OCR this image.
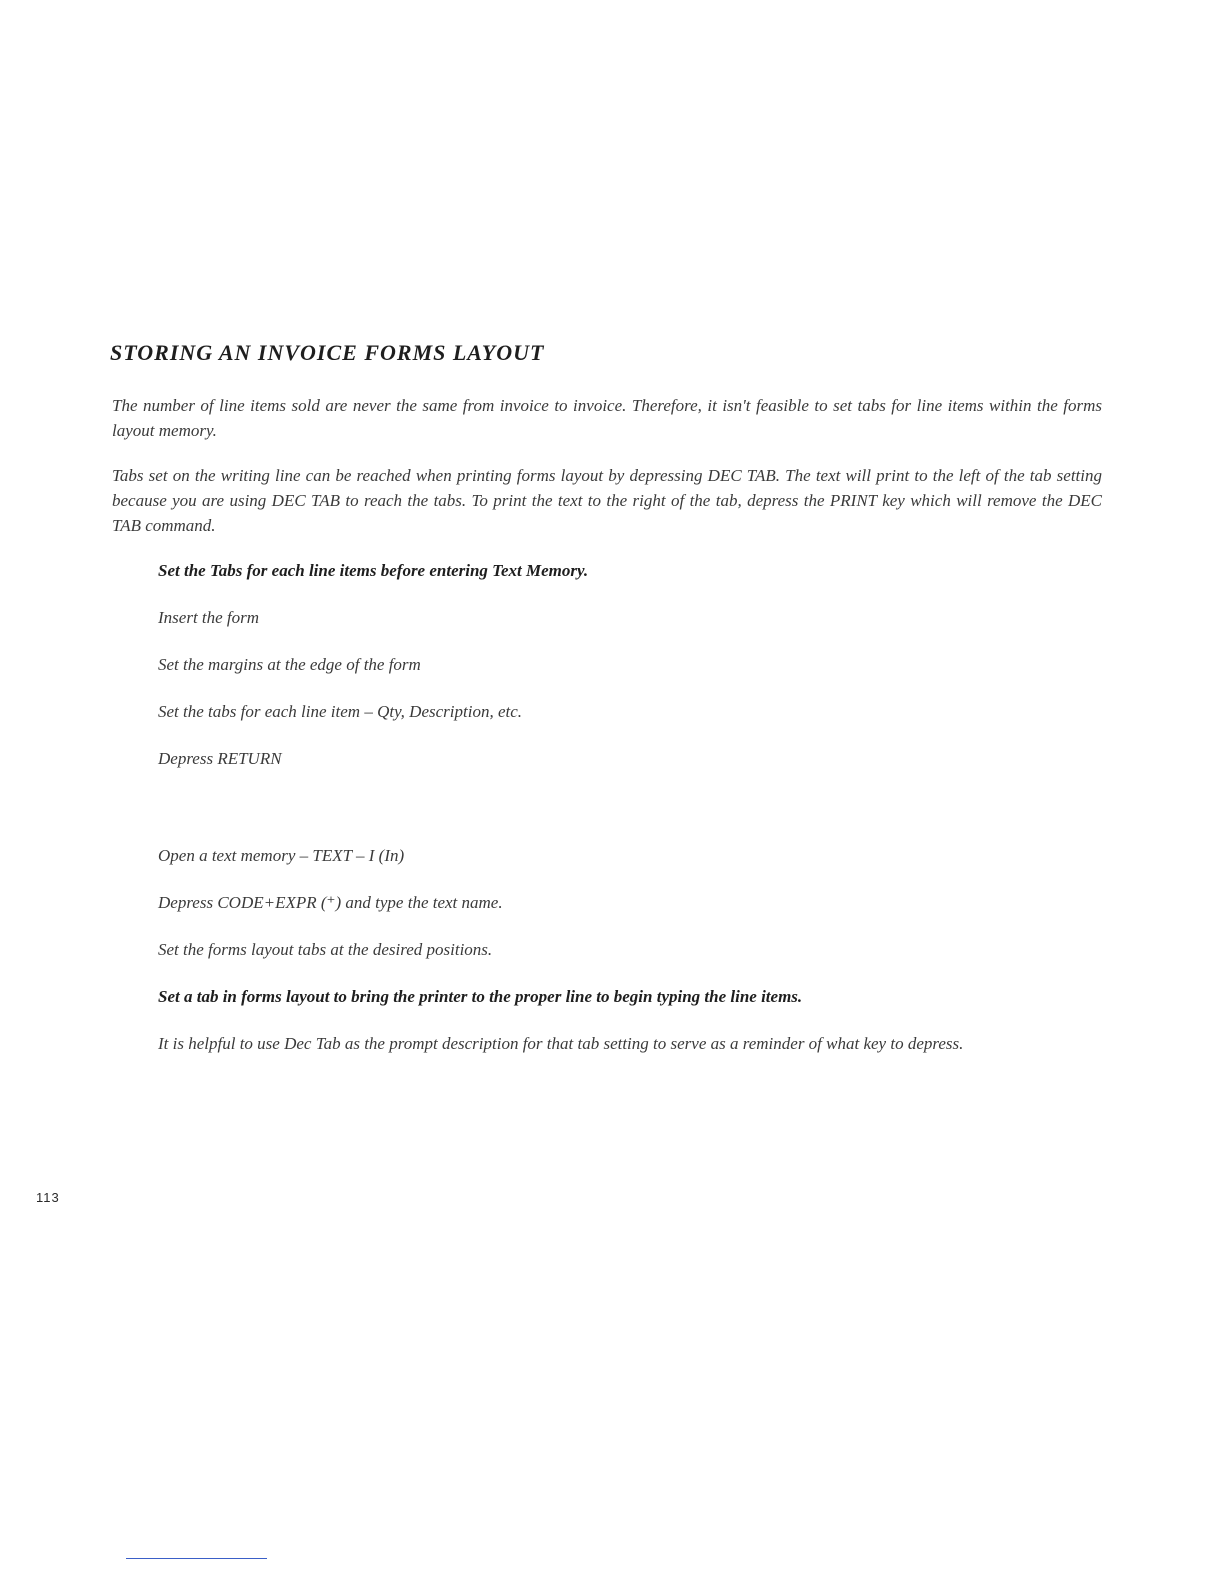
STORING AN INVOICE FORMS LAYOUT

The number of line items sold are never the same from invoice to invoice. Therefore, it isn't feasible to set tabs for line items within the forms layout memory.

Tabs set on the writing line can be reached when printing forms layout by depressing DEC TAB. The text will print to the left of the tab setting because you are using DEC TAB to reach the tabs. To print the text to the right of the tab, depress the PRINT key which will remove the DEC TAB command.

Set the Tabs for each line items before entering Text Memory.

Insert the form

Set the margins at the edge of the form

Set the tabs for each line item – Qty, Description, etc.

Depress RETURN

Open a text memory – TEXT – I (In)

Depress CODE+EXPR (⁺) and type the text name.

Set the forms layout tabs at the desired positions.

Set a tab in forms layout to bring the printer to the proper line to begin typing the line items.

It is helpful to use Dec Tab as the prompt description for that tab setting to serve as a reminder of what key to depress.

113
